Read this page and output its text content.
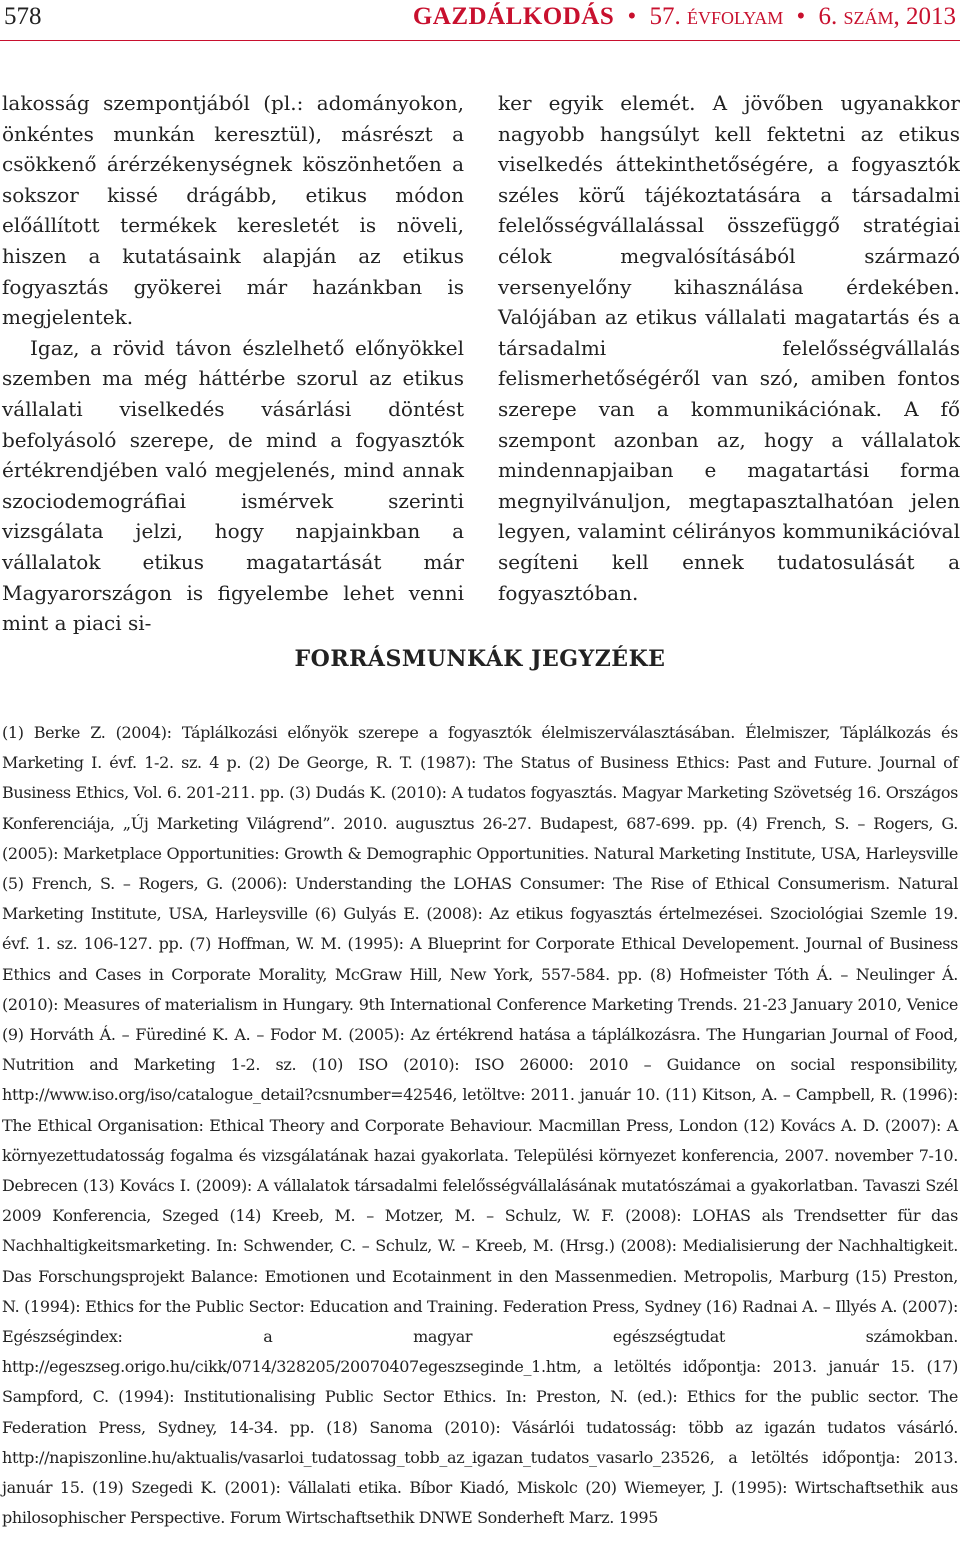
578	GAZDÁLKODÁS • 57. évfolyam • 6. szám, 2013

lakosság szempontjából (pl.: adományokon, önkéntes munkán keresztül), másrészt a csökkenő árérzékenységnek köszönhetően a sokszor kissé drágább, etikus módon előállított termékek keresletét is növeli, hiszen a kutatásaink alapján az etikus fogyasztás gyökerei már hazánkban is megjelentek.

Igaz, a rövid távon észlelhető előnyökkel szemben ma még háttérbe szorul az etikus vállalati viselkedés vásárlási döntést befolyásoló szerepe, de mind a fogyasztók értékrendjében való megjelenés, mind annak szociodemográfiai ismérvek szerinti vizsgálata jelzi, hogy napjainkban a vállalatok etikus magatartását már Magyarországon is figyelembe lehet venni mint a piaci si-

ker egyik elemét. A jövőben ugyanakkor nagyobb hangsúlyt kell fektetni az etikus viselkedés áttekinthetőségére, a fogyasztók széles körű tájékoztatására a társadalmi felelősségvállalással összefüggő stratégiai célok megvalósításából származó versenyelőny kihasználása érdekében. Valójában az etikus vállalati magatartás és a társadalmi felelősségvállalás felismerhetőségéről van szó, amiben fontos szerepe van a kommunikációnak. A fő szempont azonban az, hogy a vállalatok mindennapjaiban e magatartási forma megnyilvánuljon, megtapasztalhatóan jelen legyen, valamint célirányos kommunikációval segíteni kell ennek tudatosulását a fogyasztóban.

FORRÁSMUNKÁK JEGYZÉKE
(1) Berke Z. (2004): Táplálkozási előnyök szerepe a fogyasztók élelmiszerválasztásában. Élelmiszer, Táplálkozás és Marketing I. évf. 1-2. sz. 4 p. (2) De George, R. T. (1987): The Status of Business Ethics: Past and Future. Journal of Business Ethics, Vol. 6. 201-211. pp. (3) Dudás K. (2010): A tudatos fogyasztás. Magyar Marketing Szövetség 16. Országos Konferenciája, „Új Marketing Világrend”. 2010. augusztus 26-27. Budapest, 687-699. pp. (4) French, S. – Rogers, G. (2005): Marketplace Opportunities: Growth & Demographic Opportunities. Natural Marketing Institute, USA, Harleysville (5) French, S. – Rogers, G. (2006): Understanding the LOHAS Consumer: The Rise of Ethical Consumerism. Natural Marketing Institute, USA, Harleysville (6) Gulyás E. (2008): Az etikus fogyasztás értelmezései. Szociológiai Szemle 19. évf. 1. sz. 106-127. pp. (7) Hoffman, W. M. (1995): A Blueprint for Corporate Ethical Developement. Journal of Business Ethics and Cases in Corporate Morality, McGraw Hill, New York, 557-584. pp. (8) Hofmeister Tóth Á. – Neulinger Á. (2010): Measures of materialism in Hungary. 9th International Conference Marketing Trends. 21-23 January 2010, Venice (9) Horváth Á. – Fürediné K. A. – Fodor M. (2005): Az értékrend hatása a táplálkozásra. The Hungarian Journal of Food, Nutrition and Marketing 1-2. sz. (10) ISO (2010): ISO 26000: 2010 – Guidance on social responsibility, http://www.iso.org/iso/catalogue_detail?csnumber=42546, letöltve: 2011. január 10. (11) Kitson, A. – Campbell, R. (1996): The Ethical Organisation: Ethical Theory and Corporate Behaviour. Macmillan Press, London (12) Kovács A. D. (2007): A környezettudatosság fogalma és vizsgálatának hazai gyakorlata. Települési környezet konferencia, 2007. november 7-10. Debrecen (13) Kovács I. (2009): A vállalatok társadalmi felelősségvállalásának mutatószámai a gyakorlatban. Tavaszi Szél 2009 Konferencia, Szeged (14) Kreeb, M. – Motzer, M. – Schulz, W. F. (2008): LOHAS als Trendsetter für das Nachhaltigkeitsmarketing. In: Schwender, C. – Schulz, W. – Kreeb, M. (Hrsg.) (2008): Medialisierung der Nachhaltigkeit. Das Forschungsprojekt Balance: Emotionen und Ecotainment in den Massenmedien. Metropolis, Marburg (15) Preston, N. (1994): Ethics for the Public Sector: Education and Training. Federation Press, Sydney (16) Radnai A. – Illyés A. (2007): Egészségindex: a magyar egészségtudat számokban. http://egeszseg.origo.hu/cikk/0714/328205/20070407egeszseginde_1.htm, a letöltés időpontja: 2013. január 15. (17) Sampford, C. (1994): Institutionalising Public Sector Ethics. In: Preston, N. (ed.): Ethics for the public sector. The Federation Press, Sydney, 14-34. pp. (18) Sanoma (2010): Vásárlói tudatosság: több az igazán tudatos vásárló. http://napiszonline.hu/aktualis/vasarloi_tudatossag_tobb_az_igazan_tudatos_vasarlo_23526, a letöltés időpontja: 2013. január 15. (19) Szegedi K. (2001): Vállalati etika. Bíbor Kiadó, Miskolc (20) Wiemeyer, J. (1995): Wirtschaftsethik aus philosophischer Perspective. Forum Wirtschaftsethik DNWE Sonderheft Marz. 1995
